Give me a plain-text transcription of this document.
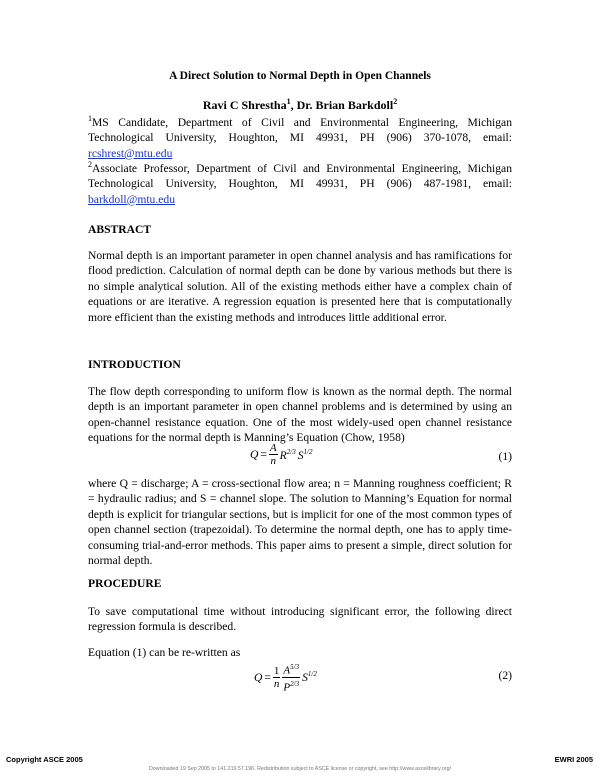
A Direct Solution to Normal Depth in Open Channels
Ravi C Shrestha$^1$, Dr. Brian Barkdoll$^2$
$^1$MS Candidate, Department of Civil and Environmental Engineering, Michigan Technological University, Houghton, MI 49931, PH (906) 370-1078, email: rcshrest@mtu.edu
$^2$Associate Professor, Department of Civil and Environmental Engineering, Michigan Technological University, Houghton, MI 49931, PH (906) 487-1981, email: barkdoll@mtu.edu
ABSTRACT
Normal depth is an important parameter in open channel analysis and has ramifications for flood prediction. Calculation of normal depth can be done by various methods but there is no simple analytical solution. All of the existing methods either have a complex chain of equations or are iterative. A regression equation is presented here that is computationally more efficient than the existing methods and introduces little additional error.
INTRODUCTION
The flow depth corresponding to uniform flow is known as the normal depth. The normal depth is an important parameter in open channel problems and is determined by using an open-channel resistance equation. One of the most widely-used open channel resistance equations for the normal depth is Manning’s Equation (Chow, 1958)
$Q = \frac{A}{n} R^{2/3}$ $S^{1/2}$	(1)
where Q = discharge; A = cross-sectional flow area; n = Manning roughness coefficient; R = hydraulic radius; and S = channel slope. The solution to Manning’s Equation for normal depth is explicit for triangular sections, but is implicit for one of the most common types of open channel section (trapezoidal). To determine the normal depth, one has to apply time-consuming trial-and-error methods. This paper aims to present a simple, direct solution for normal depth.
PROCEDURE
To save computational time without introducing significant error, the following direct regression formula is described.
Equation (1) can be re-written as
$Q = \frac{1}{n} \frac{A^{5/3}}{P^{2/3}} S^{1/2}$	(2)
Copyright ASCE 2005	EWRI 2005
Downloaded 19 Sep 2005 to 141.219.57.196. Redistribution subject to ASCE license or copyright, see http://www.ascelibrary.org/
